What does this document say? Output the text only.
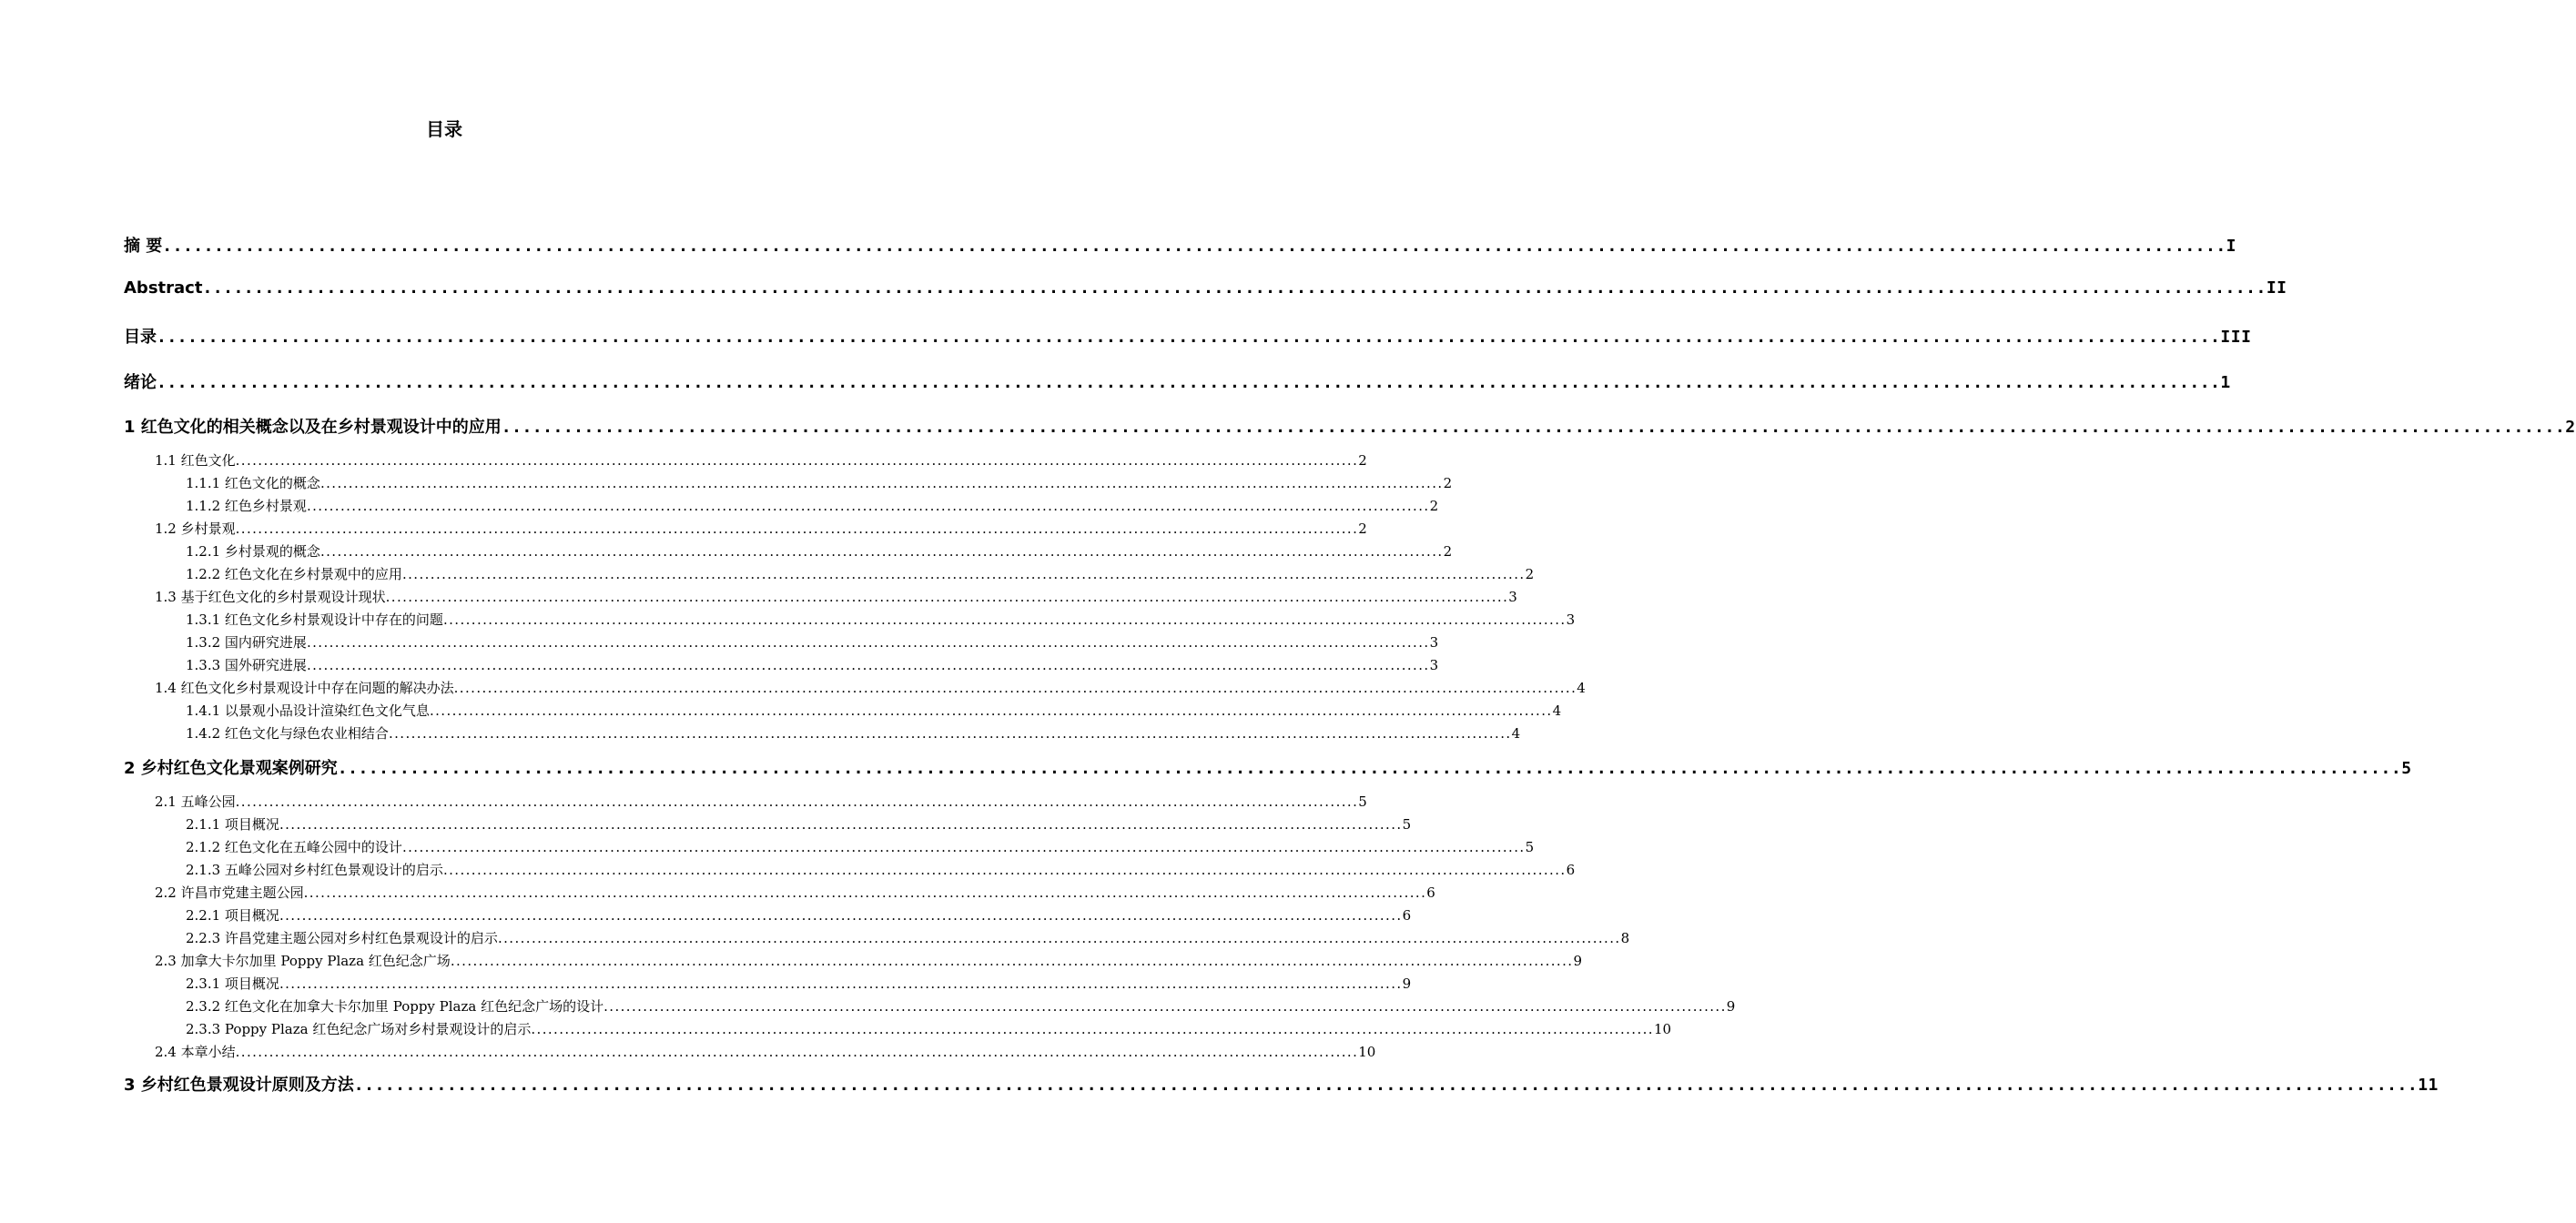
目录
摘 要 ........................................................................................................................................................................................................ I
Abstract ........................................................................................................................................................................................................ II
目录 ........................................................................................................................................................................................................ III
绪论 ........................................................................................................................................................................................................ 1
1 红色文化的相关概念以及在乡村景观设计中的应用 ........................................................................................................................................................................................................ 2
1.1 红色文化 ........................................................................................................................................................................................................ 2
1.1.1 红色文化的概念 ........................................................................................................................................................................................................ 2
1.1.2 红色乡村景观 ........................................................................................................................................................................................................ 2
1.2 乡村景观 ........................................................................................................................................................................................................ 2
1.2.1 乡村景观的概念 ........................................................................................................................................................................................................ 2
1.2.2 红色文化在乡村景观中的应用 ........................................................................................................................................................................................................ 2
1.3 基于红色文化的乡村景观设计现状 ........................................................................................................................................................................................................ 3
1.3.1 红色文化乡村景观设计中存在的问题 ........................................................................................................................................................................................................ 3
1.3.2 国内研究进展 ........................................................................................................................................................................................................ 3
1.3.3 国外研究进展 ........................................................................................................................................................................................................ 3
1.4 红色文化乡村景观设计中存在问题的解决办法 ........................................................................................................................................................................................................ 4
1.4.1 以景观小品设计渲染红色文化气息 ........................................................................................................................................................................................................ 4
1.4.2 红色文化与绿色农业相结合 ........................................................................................................................................................................................................ 4
2 乡村红色文化景观案例研究 ........................................................................................................................................................................................................ 5
2.1 五峰公园 ........................................................................................................................................................................................................ 5
2.1.1 项目概况 ........................................................................................................................................................................................................ 5
2.1.2 红色文化在五峰公园中的设计 ........................................................................................................................................................................................................ 5
2.1.3 五峰公园对乡村红色景观设计的启示 ........................................................................................................................................................................................................ 6
2.2 许昌市党建主题公园 ........................................................................................................................................................................................................ 6
2.2.1 项目概况 ........................................................................................................................................................................................................ 6
2.2.3 许昌党建主题公园对乡村红色景观设计的启示 ........................................................................................................................................................................................................ 8
2.3 加拿大卡尔加里 Poppy Plaza 红色纪念广场 ........................................................................................................................................................................................................ 9
2.3.1 项目概况 ........................................................................................................................................................................................................ 9
2.3.2 红色文化在加拿大卡尔加里 Poppy Plaza 红色纪念广场的设计 ........................................................................................................................................................................................................ 9
2.3.3 Poppy Plaza 红色纪念广场对乡村景观设计的启示 ........................................................................................................................................................................................................ 10
2.4 本章小结 ........................................................................................................................................................................................................ 10
3 乡村红色景观设计原则及方法 ........................................................................................................................................................................................................ 11
